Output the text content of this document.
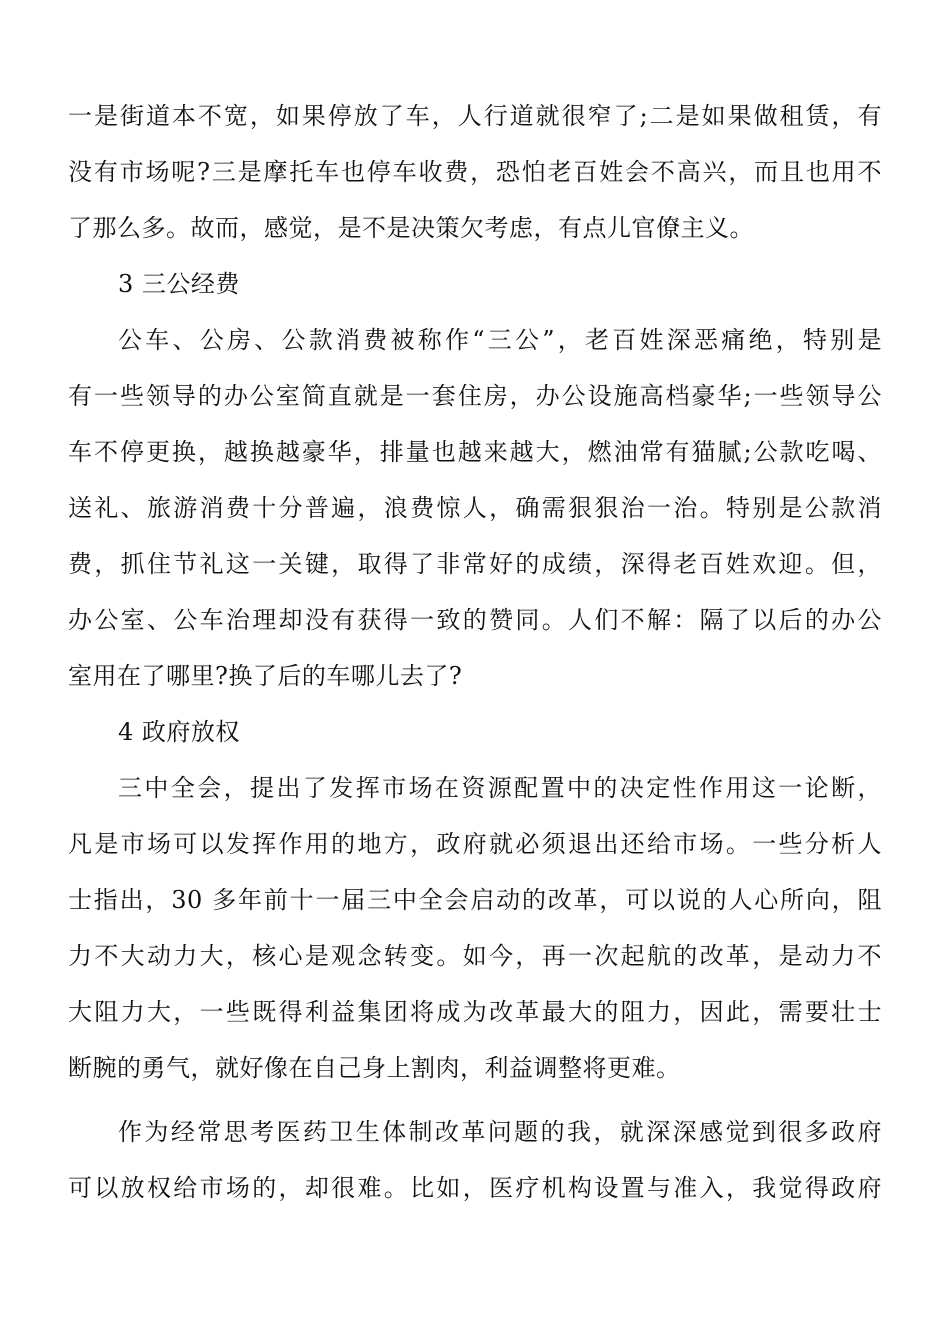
一是街道本不宽，如果停放了车，人行道就很窄了;二是如果做租赁，有
没有市场呢?三是摩托车也停车收费，恐怕老百姓会不高兴，而且也用不
了那么多。故而，感觉，是不是决策欠考虑，有点儿官僚主义。
3 三公经费
公车、公房、公款消费被称作“三公”，老百姓深恶痛绝，特别是
有一些领导的办公室简直就是一套住房，办公设施高档豪华;一些领导公
车不停更换，越换越豪华，排量也越来越大，燃油常有猫腻;公款吃喝、
送礼、旅游消费十分普遍，浪费惊人，确需狠狠治一治。特别是公款消
费，抓住节礼这一关键，取得了非常好的成绩，深得老百姓欢迎。但，
办公室、公车治理却没有获得一致的赞同。人们不解：隔了以后的办公
室用在了哪里?换了后的车哪儿去了?
4 政府放权
三中全会，提出了发挥市场在资源配置中的决定性作用这一论断，
凡是市场可以发挥作用的地方，政府就必须退出还给市场。一些分析人
士指出，30 多年前十一届三中全会启动的改革，可以说的人心所向，阻
力不大动力大，核心是观念转变。如今，再一次起航的改革，是动力不
大阻力大，一些既得利益集团将成为改革最大的阻力，因此，需要壮士
断腕的勇气，就好像在自己身上割肉，利益调整将更难。
作为经常思考医药卫生体制改革问题的我，就深深感觉到很多政府
可以放权给市场的，却很难。比如，医疗机构设置与准入，我觉得政府
